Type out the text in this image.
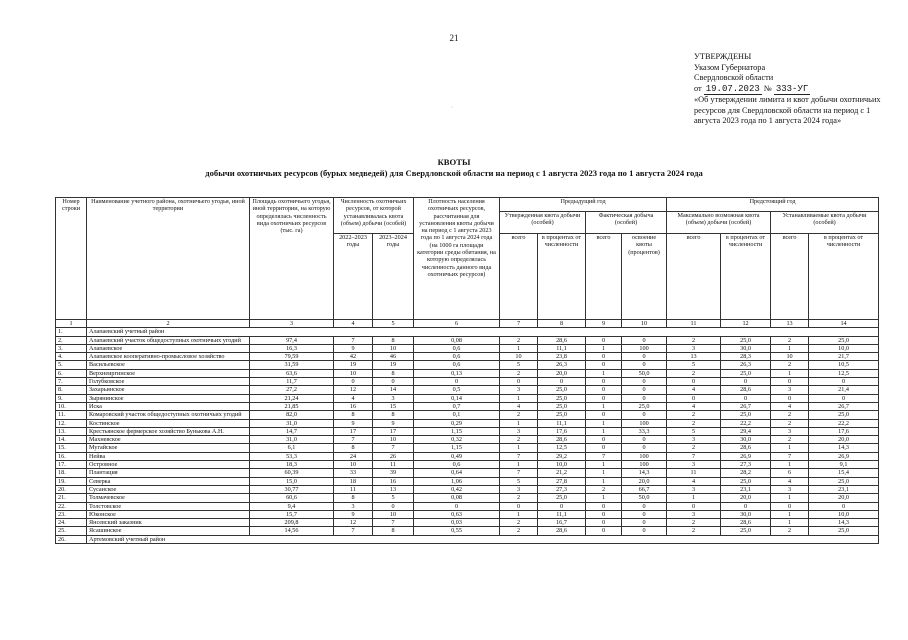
21
УТВЕРЖДЕНЫ
Указом Губернатора
Свердловской области
от 19.07.2023 № 333-УГ
«Об утверждении лимита и квот добычи охотничьих ресурсов для Свердловской области на период с 1 августа 2023 года по 1 августа 2024 года»
·
КВОТЫ
добычи охотничьих ресурсов (бурых медведей) для Свердловской области на период с 1 августа 2023 года по 1 августа 2024 года
Номер строки	Наименование учетного района, охотничьего угодья, иной территории	Площадь охотничьего угодья, иной территории, на которую определялась численность вида охотничьих ресурсов (тыс. га)	Численность охотничьих ресурсов, от которой устанавливалась квота (объем) добычи (особей)		Плотность населения охотничьих ресурсов, рассчитанная для установления квоты добычи на период с 1 августа 2023 года по 1 августа 2024 года (на 1000 га площади категории среды обитания, на которую определялась численность данного вида охотничьих ресурсов)	Предыдущий год				Предстоящий год			
						Утвержденная квота добычи (особей)		Фактическая добыча (особей)		Максимально возможная квота (объем) добычи (особей)		Устанавливаемые квота добычи (особей)	
			2022–2023 годы	2023–2024 годы		всего	в процентах от численности	всего	освоение квоты (процентов)	всего	в процентах от численности	всего	в процентах от численности
1	2	3	4	5	6	7	8	9	10	11	12	13	14
1.	Алапаевский учетный район												
2.	Алапаевский участок общедоступных охотничьих угодий	97,4	7	8	0,08	2	28,6	0	0	2	25,0	2	25,0
3.	Алапаевское	16,3	9	10	0,6	1	11,1	1	100	3	30,0	1	10,0
4.	Алапаевское кооперативно-промысловое хозяйство	79,59	42	46	0,6	10	23,8	0	0	13	28,3	10	21,7
5.	Васильевское	31,59	19	19	0,6	5	26,3	0	0	5	26,3	2	10,5
6.	Верхнеиргинское	63,6	10	8	0,13	2	20,0	1	50,0	2	25,0	1	12,5
7.	Голубковское	11,7	0	0	0	0	0	0	0	0	0	0	0
8.	Захарьинское	27,2	12	14	0,5	3	25,0	0	0	4	28,6	3	21,4
9.	Зырянинское	21,24	4	3	0,14	1	25,0	0	0	0	0	0	0
10.	Иска	21,85	16	15	0,7	4	25,0	1	25,0	4	26,7	4	26,7
11.	Комаровский участок общедоступных охотничьих угодий	82,0	8	8	0,1	2	25,0	0	0	2	25,0	2	25,0
12.	Костинское	31,0	9	9	0,29	1	11,1	1	100	2	22,2	2	22,2
13.	Крестьянское фермерское хозяйство Бунькова А.Н.	14,7	17	17	1,15	3	17,6	1	33,3	5	29,4	3	17,6
14.	Махневское	31,0	7	10	0,32	2	28,6	0	0	3	30,0	2	20,0
15.	Мугайское	6,1	8	7	1,15	1	12,5	0	0	2	28,6	1	14,3
16.	Нейва	53,3	24	26	0,49	7	29,2	7	100	7	26,9	7	26,9
17.	Островное	18,3	10	11	0,6	1	10,0	1	100	3	27,3	1	9,1
18.	Плантация	60,39	33	39	0,64	7	21,2	1	14,3	11	28,2	6	15,4
19.	Северка	15,0	18	16	1,06	5	27,8	1	20,0	4	25,0	4	25,0
20.	Сусанское	30,77	11	13	0,42	3	27,3	2	66,7	3	23,1	3	23,1
21.	Толмачевское	60,6	8	5	0,08	2	25,0	1	50,0	1	20,0	1	20,0
22.	Толстовское	9,4	3	0	0	0	0	0	0	0	0	0	0
23.	Юконское	15,7	9	10	0,63	1	11,1	0	0	3	30,0	1	10,0
24.	Янсевский заказник	209,8	12	7	0,03	2	16,7	0	0	2	28,6	1	14,3
25.	Ясашинское	14,56	7	8	0,55	2	28,6	0	0	2	25,0	2	25,0
26.	Артемовский учетный район												
